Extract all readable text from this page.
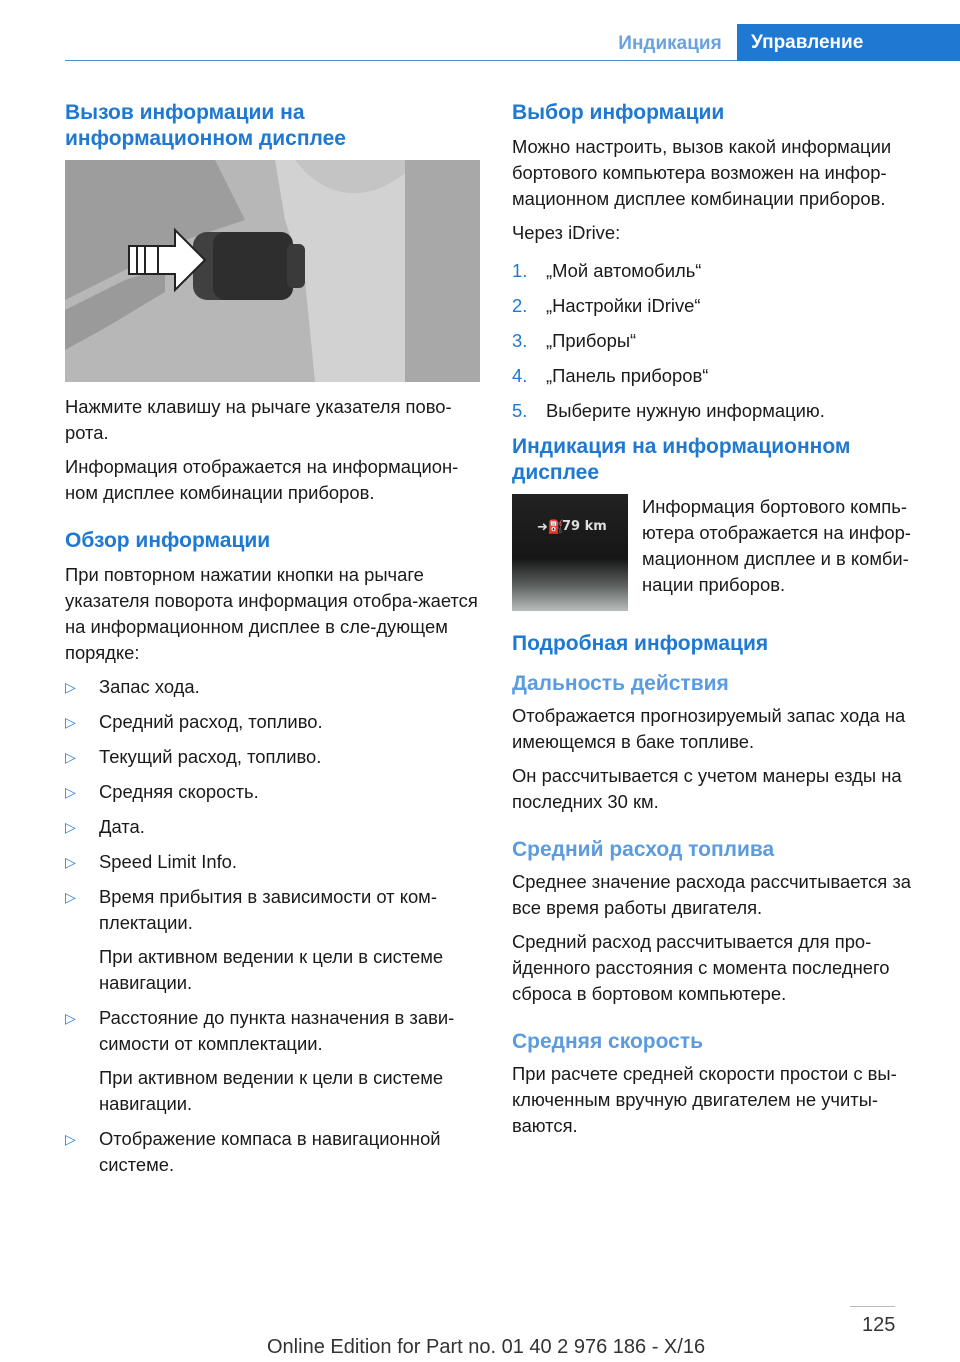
Индикация	Управление
Вызов информации на информационном дисплее

Нажмите клавишу на рычаге указателя пово-рота.

Информация отображается на информацион-ном дисплее комбинации приборов.

Обзор информации

При повторном нажатии кнопки на рычаге указателя поворота информация отобра-жается на информационном дисплее в сле-дующем порядке:

▷ Запас хода.
▷ Средний расход, топливо.
▷ Текущий расход, топливо.
▷ Средняя скорость.
▷ Дата.
▷ Speed Limit Info.
▷ Время прибытия в зависимости от ком-плектации.
При активном ведении к цели в системе навигации.
▷ Расстояние до пункта назначения в зави-симости от комплектации.
При активном ведении к цели в системе навигации.
▷ Отображение компаса в навигационной системе.
Выбор информации

Можно настроить, вызов какой информации бортового компьютера возможен на инфор-мационном дисплее комбинации приборов.

Через iDrive:

1. „Мой автомобиль“
2. „Настройки iDrive“
3. „Приборы“
4. „Панель приборов“
5. Выберите нужную информацию.
Индикация на информационном дисплее
➜⛽
79 km

Информация бортового компь-ютера отображается на инфор-мационном дисплее и в комби-нации приборов.

Подробная информация
Дальность действия

Отображается прогнозируемый запас хода на имеющемся в баке топливе.

Он рассчитывается с учетом манеры езды на последних 30 км.

Средний расход топлива

Среднее значение расхода рассчитывается за все время работы двигателя.

Средний расход рассчитывается для про-йденного расстояния с момента последнего сброса в бортовом компьютере.

Средняя скорость

При расчете средней скорости простои с вы-ключенным вручную двигателем не учиты-ваются.

125
Online Edition for Part no. 01 40 2 976 186 - X/16
